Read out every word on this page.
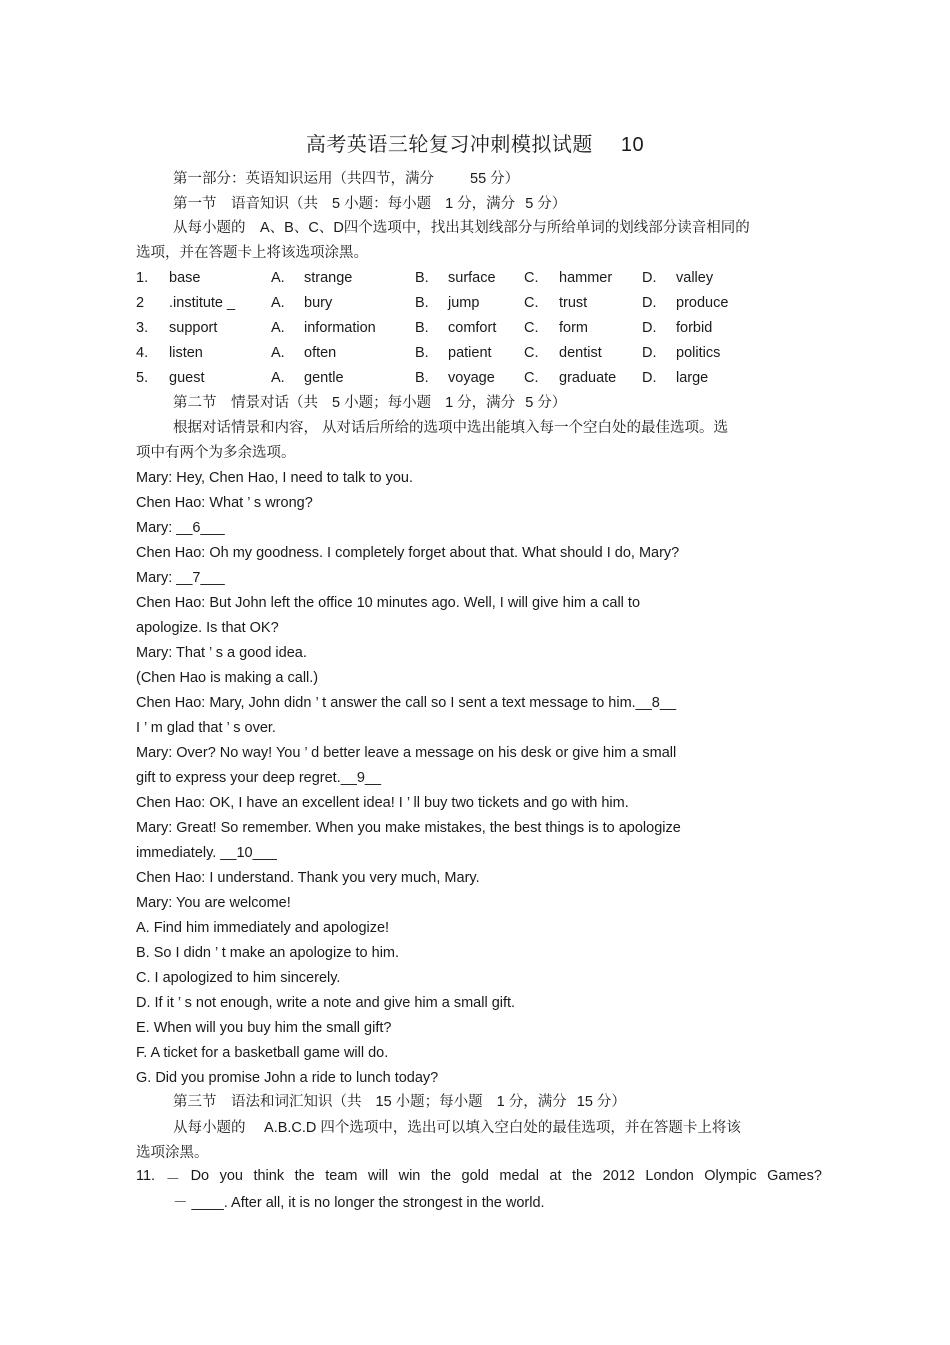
高考英语三轮复习冲刺模拟试题 10
第一部分：英语知识运用（共四节，满分 55 分）
第一节　语音知识（共 5 小题：每小题 1 分，满分 5 分）
从每小题的　A、B、C、D四个选项中，找出其划线部分与所给单词的划线部分读音相同的
选项，并在答题卡上将该选项涂黑。
1. base	A. strange	B. surface C. hammer D. valley
2 .institute _ A. bury	B. jump	C. trust	D. produce
3. support	A. information	B. comfort C. form	D. forbid
4. listen	A. often	B. patient C. dentist	D. politics
5. guest	A. gentle	B. voyage C. graduate D. large
第二节　情景对话（共 5 小题；每小题 1 分，满分 5 分）
根据对话情景和内容， 从对话后所给的选项中选出能填入每一个空白处的最佳选项。选
项中有两个为多余选项。
Mary: Hey, Chen Hao, I need to talk to you.
Chen Hao: What ’ s wrong?
Mary: __6___
Chen Hao: Oh my goodness. I completely forget about that. What should I do, Mary?
Mary: __7___
Chen Hao: But John left the office 10 minutes ago. Well, I will give him a call to
apologize. Is that OK?
Mary: That ’ s a good idea.
(Chen Hao is making a call.)
Chen Hao: Mary, John didn ’ t answer the call so I sent a text message to him.__8__
I ’ m glad that ’ s over.
Mary: Over? No way! You ’ d better leave a message on his desk or give him a small
gift to express your deep regret.__9__
Chen Hao: OK, I have an excellent idea! I ’ ll buy two tickets and go with him.
Mary: Great! So remember. When you make mistakes, the best things is to apologize
immediately. __10___
Chen Hao: I understand. Thank you very much, Mary.
Mary: You are welcome!
A. Find him immediately and apologize!
B. So I didn ’ t make an apologize to him.
C. I apologized to him sincerely.
D. If it ’ s not enough, write a note and give him a small gift.
E. When will you buy him the small gift?
F. A ticket for a basketball game will do.
G. Did you promise John a ride to lunch today?
第三节　语法和词汇知识（共 15 小题；每小题 1 分，满分 15 分）
从每小题的　 A.B.C.D 四个选项中，选出可以填入空白处的最佳选项，并在答题卡上将该
选项涂黑。
11. － Do you think the team will win the gold medal at the 2012 London Olympic Games?
－ ____. After all, it is no longer the strongest in the world.
